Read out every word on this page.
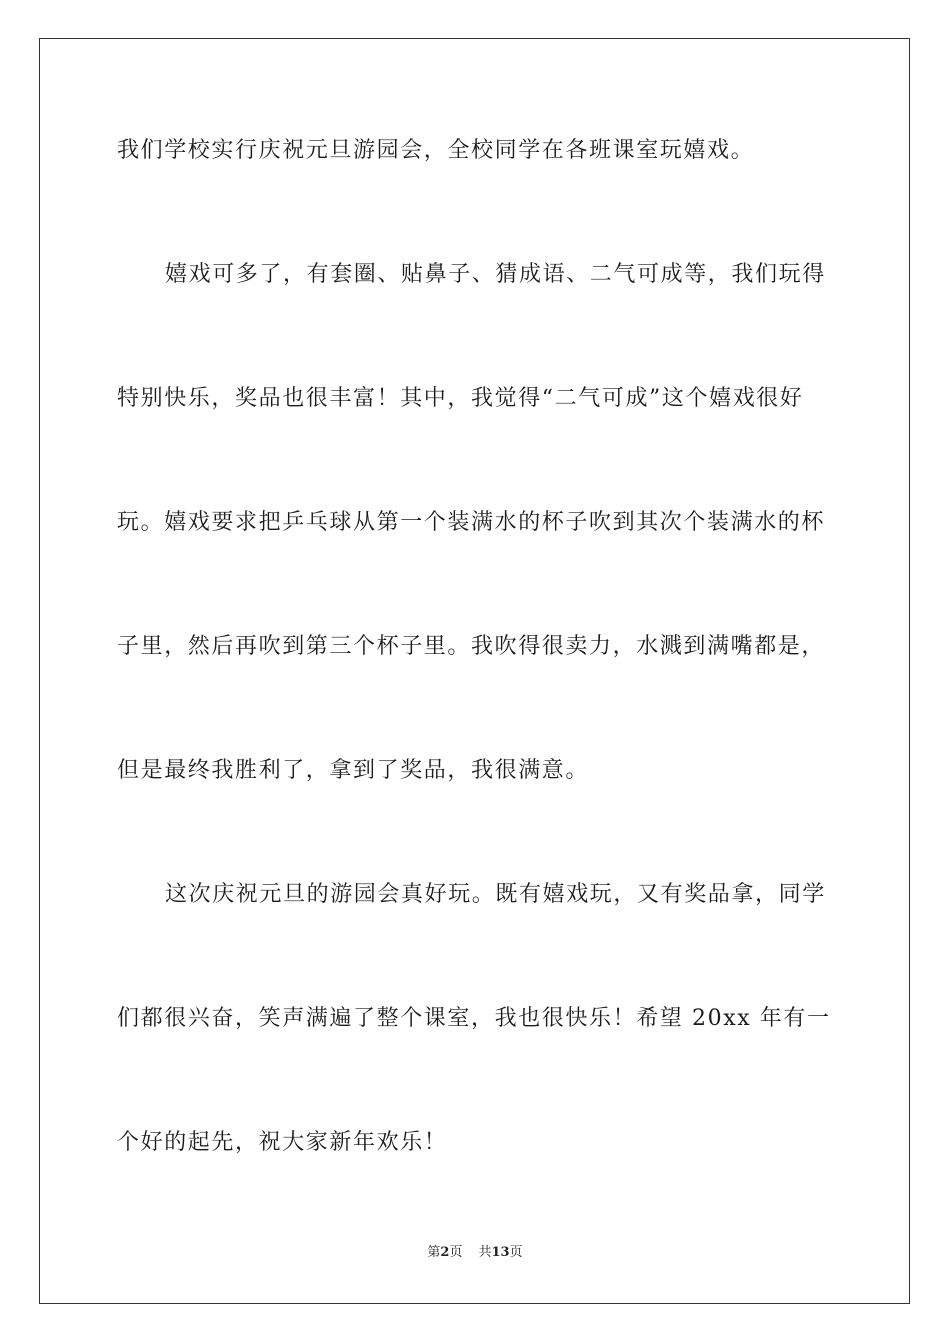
我们学校实行庆祝元旦游园会，全校同学在各班课室玩嬉戏。
嬉戏可多了，有套圈、贴鼻子、猜成语、二气可成等，我们玩得
特别快乐，奖品也很丰富！其中，我觉得“二气可成”这个嬉戏很好
玩。嬉戏要求把乒乓球从第一个装满水的杯子吹到其次个装满水的杯
子里，然后再吹到第三个杯子里。我吹得很卖力，水溅到满嘴都是，
但是最终我胜利了，拿到了奖品，我很满意。
这次庆祝元旦的游园会真好玩。既有嬉戏玩，又有奖品拿，同学
们都很兴奋，笑声满遍了整个课室，我也很快乐！希望 20xx 年有一
个好的起先，祝大家新年欢乐！
第2页 共13页
